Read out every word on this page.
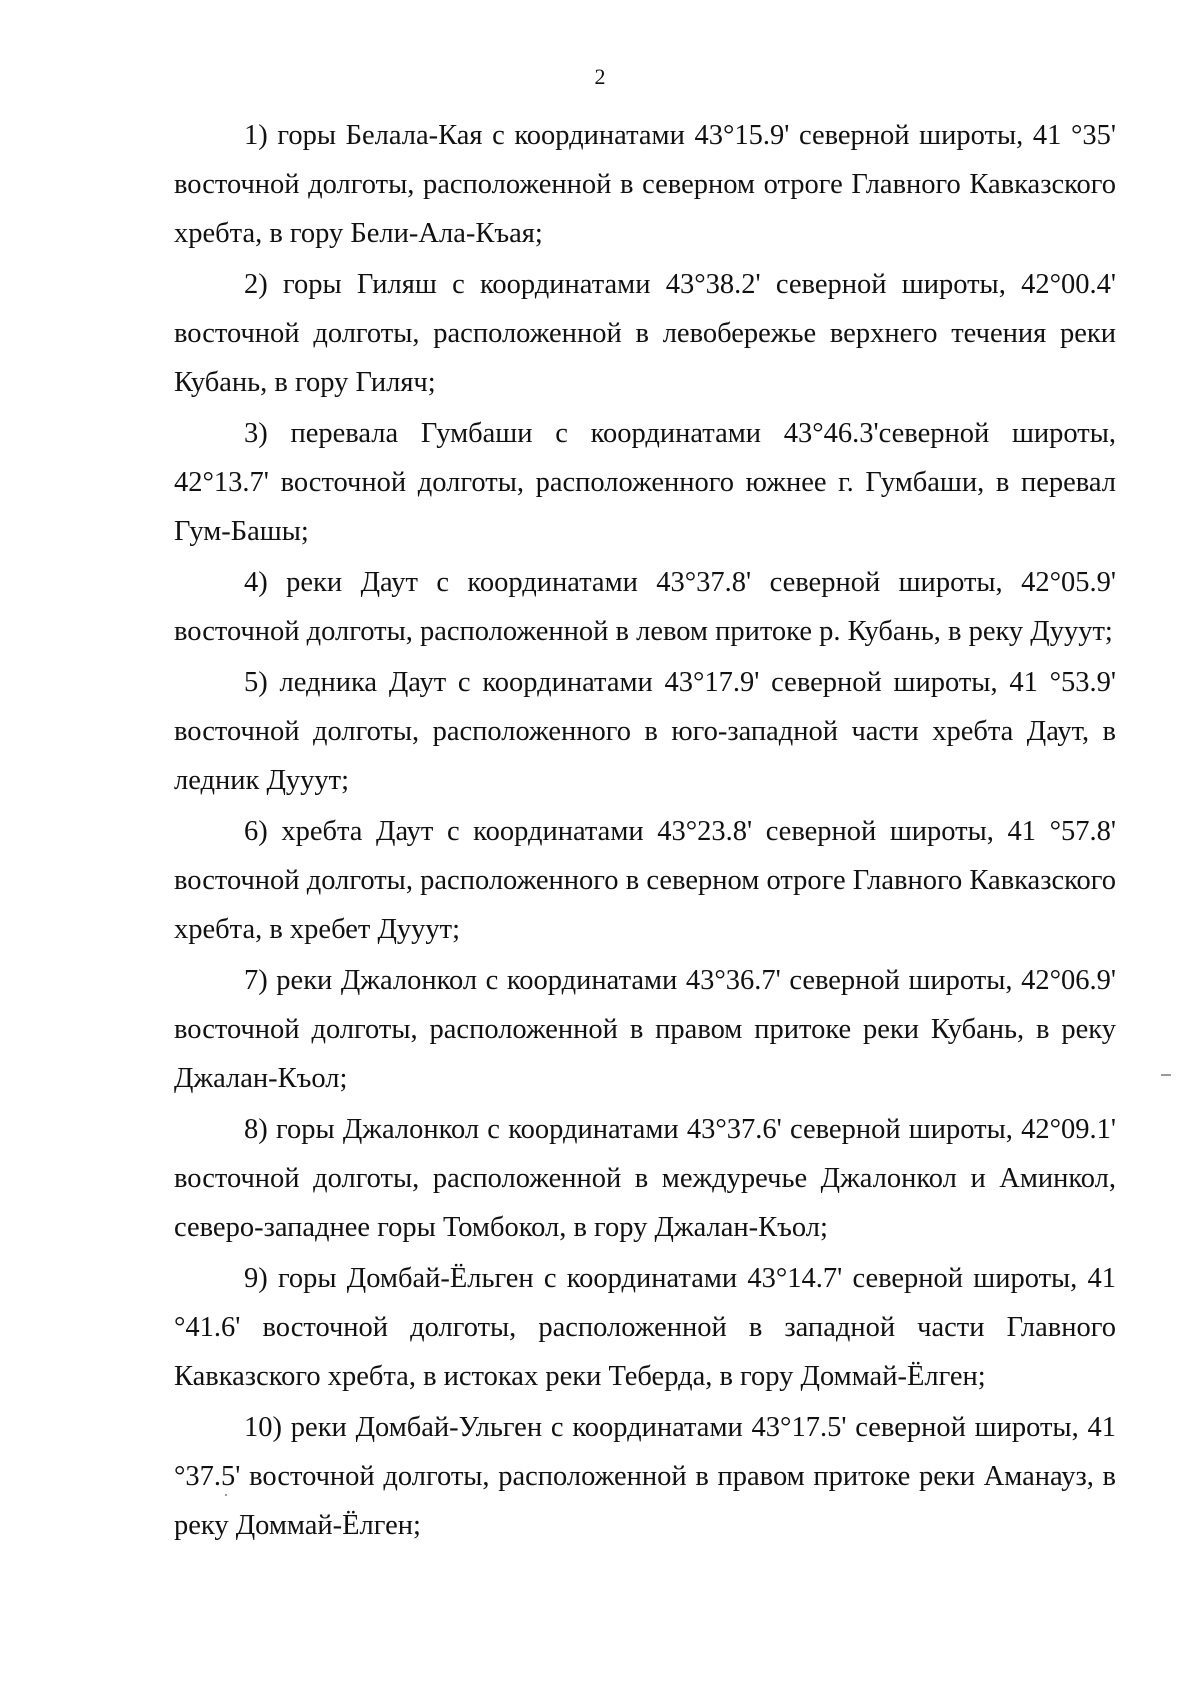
2

1) горы Белала-Кая с координатами 43°15.9' северной широты, 41 °35' восточной долготы, расположенной в северном отроге Главного Кавказского хребта, в гору Бели-Ала-Къая;

2) горы Гиляш с координатами 43°38.2' северной широты, 42°00.4' восточной долготы, расположенной в левобережье верхнего течения реки Кубань, в гору Гиляч;

3) перевала Гумбаши с координатами 43°46.3'северной широты, 42°13.7' восточной долготы, расположенного южнее г. Гумбаши, в перевал Гум-Башы;

4) реки Даут с координатами 43°37.8' северной широты, 42°05.9' восточной долготы, расположенной в левом притоке р. Кубань, в реку Дууут;

5) ледника Даут с координатами 43°17.9' северной широты, 41 °53.9' восточной долготы, расположенного в юго-западной части хребта Даут, в ледник Дууут;

6) хребта Даут с координатами 43°23.8' северной широты, 41 °57.8' восточной долготы, расположенного в северном отроге Главного Кавказского хребта, в хребет Дууут;

7) реки Джалонкол с координатами 43°36.7' северной широты, 42°06.9' восточной долготы, расположенной в правом притоке реки Кубань, в реку Джалан-Къол;

8) горы Джалонкол с координатами 43°37.6' северной широты, 42°09.1' восточной долготы, расположенной в междуречье Джалонкол и Аминкол, северо-западнее горы Томбокол, в гору Джалан-Къол;

9) горы Домбай-Ёльген с координатами 43°14.7' северной широты, 41 °41.6' восточной долготы, расположенной в западной части Главного Кавказского хребта, в истоках реки Теберда, в гору Доммай-Ёлген;

10) реки Домбай-Ульген с координатами 43°17.5' северной широты, 41 °37.5' восточной долготы, расположенной в правом притоке реки Аманауз, в реку Доммай-Ёлген;
